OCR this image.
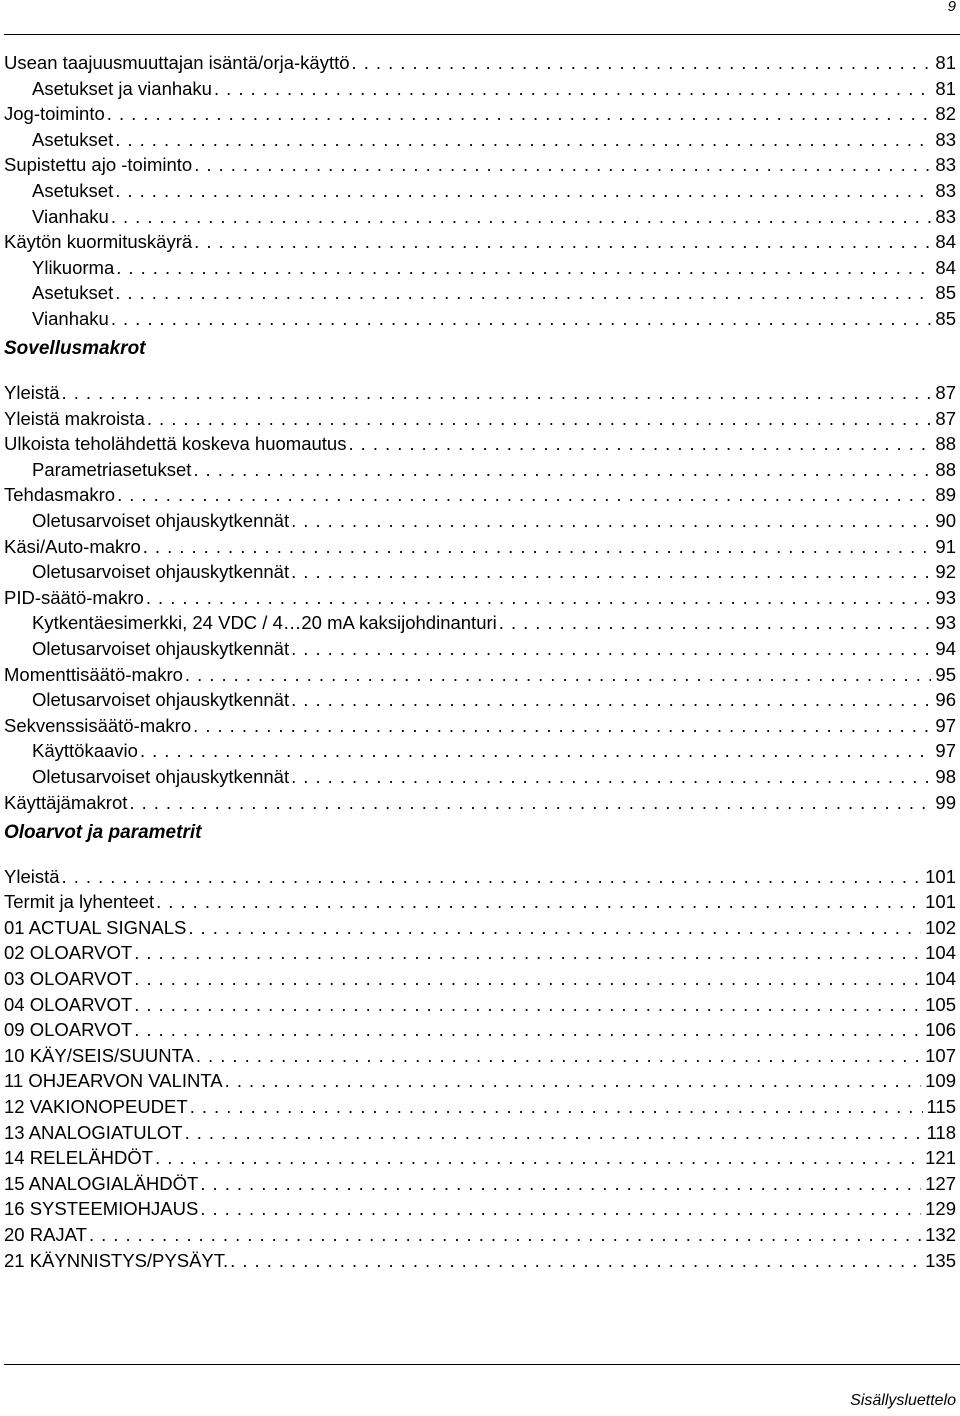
9
Usean taajuusmuuttajan isäntä/orja-käyttö . . .	81
Asetukset ja vianhaku . . .	81
Jog-toiminto . . .	82
Asetukset . . .	83
Supistettu ajo -toiminto . . .	83
Asetukset . . .	83
Vianhaku . . .	83
Käytön kuormituskäyrä . . .	84
Ylikuorma . . .	84
Asetukset . . .	85
Vianhaku . . .	85
Yleistä . . .	87
Yleistä makroista . . .	87
Ulkoista teholähdettä koskeva huomautus . . .	88
Parametriasetukset . . .	88
Tehdasmakro . . .	89
Oletusarvoiset ohjauskytkennät . . .	90
Käsi/Auto-makro . . .	91
Oletusarvoiset ohjauskytkennät . . .	92
PID-säätö-makro . . .	93
Kytkentäesimerkki, 24 VDC / 4…20 mA kaksijohdinanturi . . .	93
Oletusarvoiset ohjauskytkennät . . .	94
Momenttisäätö-makro . . .	95
Oletusarvoiset ohjauskytkennät . . .	96
Sekvenssisäätö-makro . . .	97
Käyttökaavio . . .	97
Oletusarvoiset ohjauskytkennät . . .	98
Käyttäjämakrot . . .	99
Yleistä . . .	101
Termit ja lyhenteet . . .	101
01 ACTUAL SIGNALS . . .	102
02 OLOARVOT . . .	104
03 OLOARVOT . . .	104
04 OLOARVOT . . .	105
09 OLOARVOT . . .	106
10 KÄY/SEIS/SUUNTA . . .	107
11 OHJEARVON VALINTA . . .	109
12 VAKIONOPEUDET . . .	115
13 ANALOGIATULOT . . .	118
14 RELELÄHDÖT . . .	121
15 ANALOGIALÄHDÖT . . .	127
16 SYSTEEMIOHJAUS . . .	129
20 RAJAT . . .	132
21 KÄYNNISTYS/PYSÄYT. . . .	135
Sisällysluettelo
Sovellusmakrot
Oloarvot ja parametrit
